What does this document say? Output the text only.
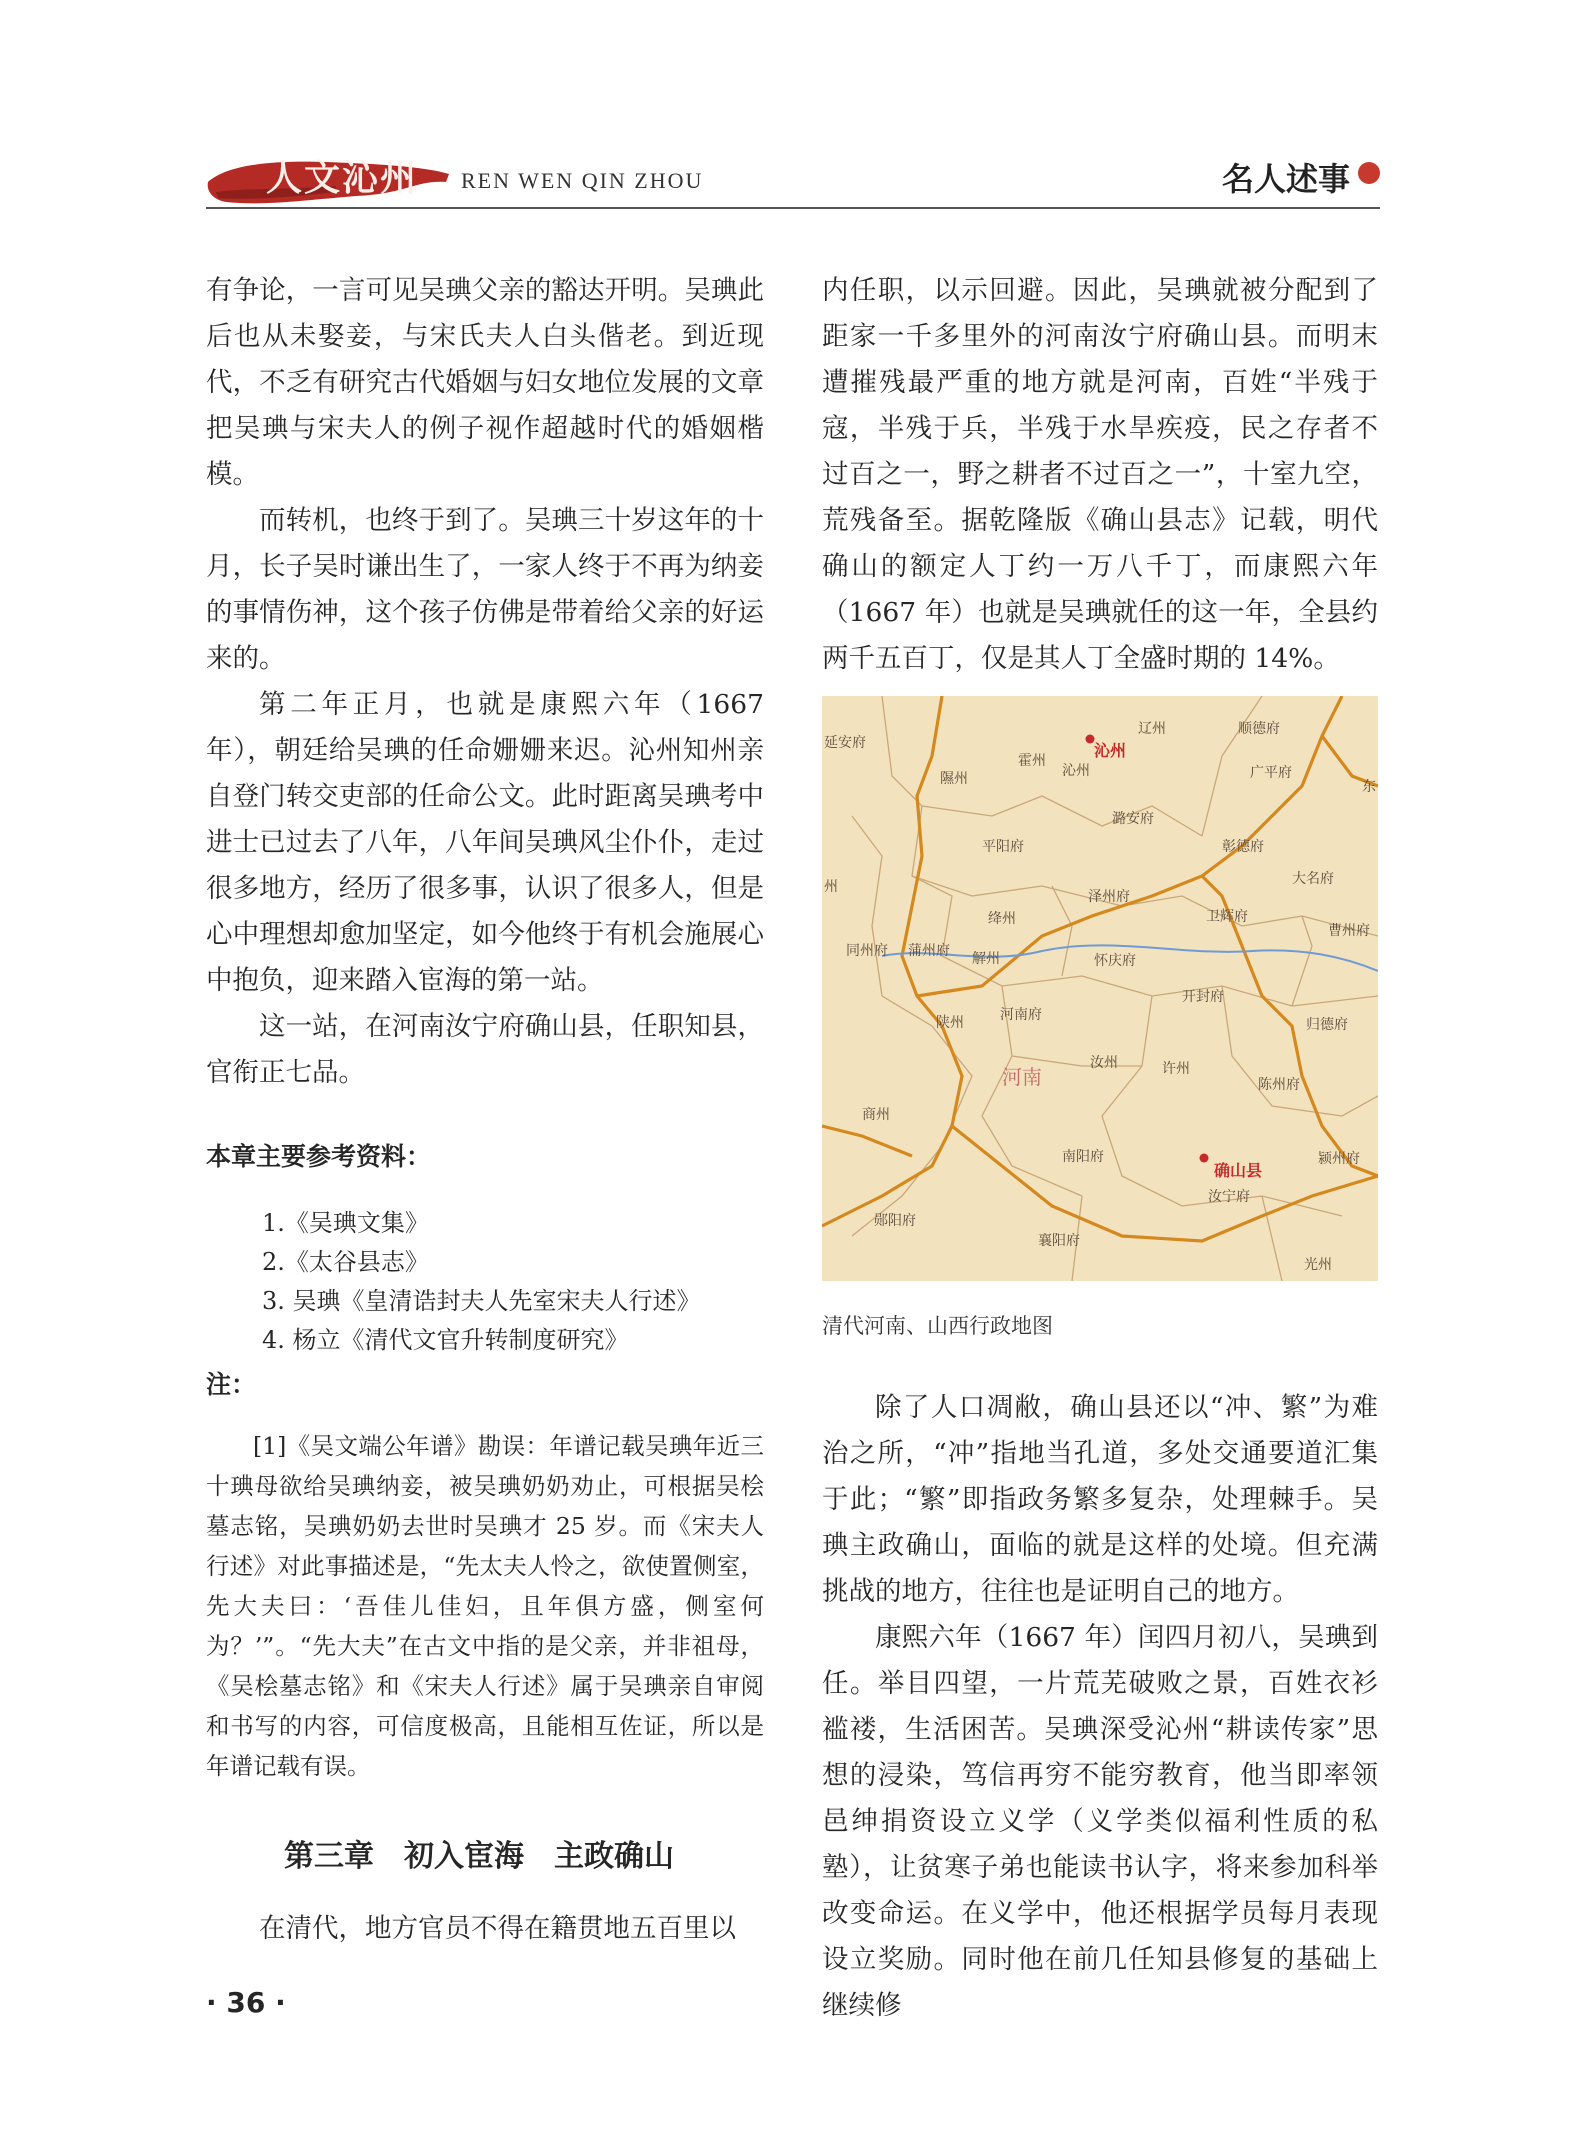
人文沁州 REN WEN QIN ZHOU	名人述事

有争论，一言可见吴琠父亲的豁达开明。吴琠此后也从未娶妾，与宋氏夫人白头偕老。到近现代，不乏有研究古代婚姻与妇女地位发展的文章把吴琠与宋夫人的例子视作超越时代的婚姻楷模。

而转机，也终于到了。吴琠三十岁这年的十月，长子吴时谦出生了，一家人终于不再为纳妾的事情伤神，这个孩子仿佛是带着给父亲的好运来的。

第二年正月，也就是康熙六年（1667 年），朝廷给吴琠的任命姗姗来迟。沁州知州亲自登门转交吏部的任命公文。此时距离吴琠考中进士已过去了八年，八年间吴琠风尘仆仆，走过很多地方，经历了很多事，认识了很多人，但是心中理想却愈加坚定，如今他终于有机会施展心中抱负，迎来踏入宦海的第一站。

这一站，在河南汝宁府确山县，任职知县，官衔正七品。

本章主要参考资料：
1.《吴琠文集》
2.《太谷县志》
3. 吴琠《皇清诰封夫人先室宋夫人行述》
4. 杨立《清代文官升转制度研究》
注：
[1]《吴文端公年谱》勘误：年谱记载吴琠年近三十琠母欲给吴琠纳妾，被吴琠奶奶劝止，可根据吴桧墓志铭，吴琠奶奶去世时吴琠才 25 岁。而《宋夫人行述》对此事描述是，“先太夫人怜之，欲使置侧室，先大夫曰：‘吾佳儿佳妇，且年俱方盛，侧室何为？’”。“先大夫”在古文中指的是父亲，并非祖母，《吴桧墓志铭》和《宋夫人行述》属于吴琠亲自审阅和书写的内容，可信度极高，且能相互佐证，所以是年谱记载有误。
第三章　初入宦海　主政确山

在清代，地方官员不得在籍贯地五百里以

内任职，以示回避。因此，吴琠就被分配到了距家一千多里外的河南汝宁府确山县。而明末遭摧残最严重的地方就是河南，百姓“半残于寇，半残于兵，半残于水旱疾疫，民之存者不过百之一，野之耕者不过百之一”，十室九空，荒残备至。据乾隆版《确山县志》记载，明代确山的额定人丁约一万八千丁，而康熙六年（1667 年）也就是吴琠就任的这一年，全县约两千五百丁，仅是其人丁全盛时期的 14%。

延安府
隰州
霍州
沁州
沁州
潞安府
辽州	顺德府
广平府
大名府
东
平阳府
泽州府
彰德府
绛州
怀庆府
卫辉府
曹州府
同州府 蒲州府 解州
河南府
开封府
陕州	归德府
汝州	许州
陈州府
商州
南阳府	颍州府
确山县
汝宁府
郧阳府
襄阳府
光州
州
河南
清代河南、山西行政地图

除了人口凋敝，确山县还以“冲、繁”为难治之所，“冲”指地当孔道，多处交通要道汇集于此；“繁”即指政务繁多复杂，处理棘手。吴琠主政确山，面临的就是这样的处境。但充满挑战的地方，往往也是证明自己的地方。

康熙六年（1667 年）闰四月初八，吴琠到任。举目四望，一片荒芜破败之景，百姓衣衫褴褛，生活困苦。吴琠深受沁州“耕读传家”思想的浸染，笃信再穷不能穷教育，他当即率领邑绅捐资设立义学（义学类似福利性质的私塾），让贫寒子弟也能读书认字，将来参加科举改变命运。在义学中，他还根据学员每月表现设立奖励。同时他在前几任知县修复的基础上继续修

· 36 ·
